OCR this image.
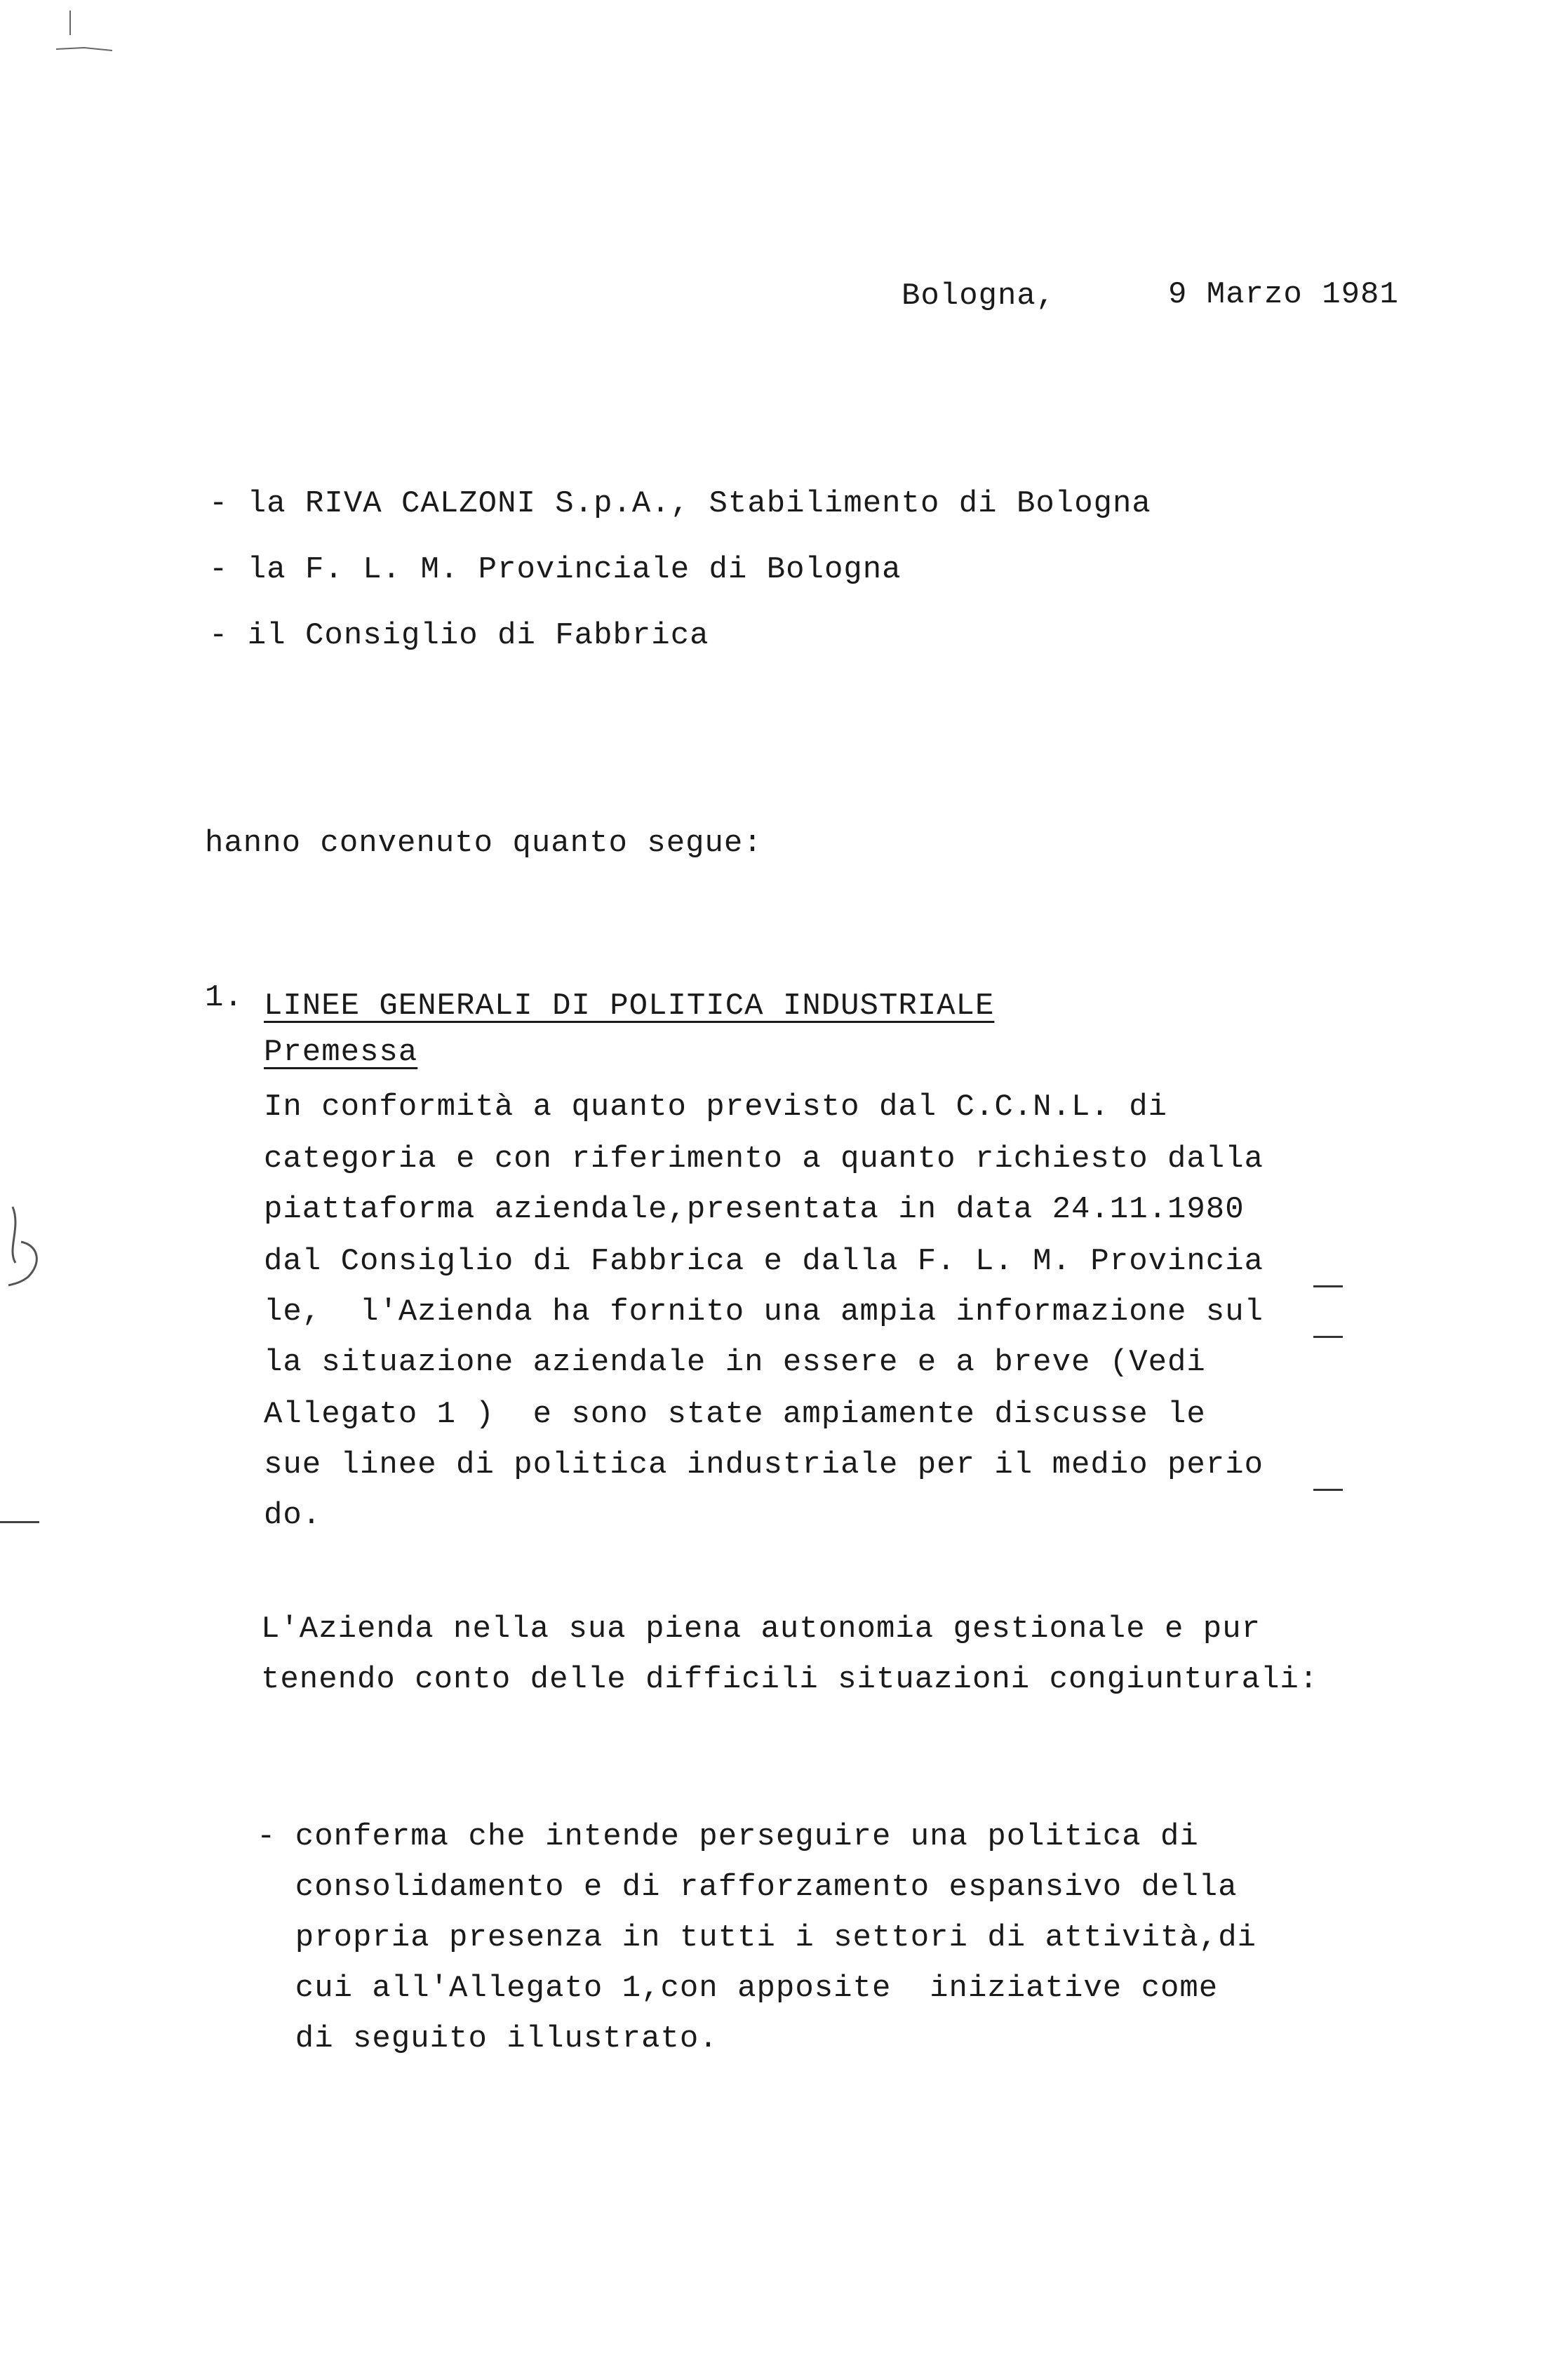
Bologna,	9 Marzo 1981
- la RIVA CALZONI S.p.A., Stabilimento di Bologna
- la F. L. M. Provinciale di Bologna
- il Consiglio di Fabbrica
hanno convenuto quanto segue:
1. LINEE GENERALI DI POLITICA INDUSTRIALE
Premessa
In conformità a quanto previsto dal C.C.N.L. di
categoria e con riferimento a quanto richiesto dalla
piattaforma aziendale,presentata in data 24.11.1980
dal Consiglio di Fabbrica e dalla F. L. M. Provincia
le,  l'Azienda ha fornito una ampia informazione sul
la situazione aziendale in essere e a breve (Vedi
Allegato 1 )  e sono state ampiamente discusse le
sue linee di politica industriale per il medio perio
do.
L'Azienda nella sua piena autonomia gestionale e pur
tenendo conto delle difficili situazioni congiunturali:
- conferma che intende perseguire una politica di
consolidamento e di rafforzamento espansivo della
propria presenza in tutti i settori di attività,di
cui all'Allegato 1,con apposite  iniziative come
di seguito illustrato.
